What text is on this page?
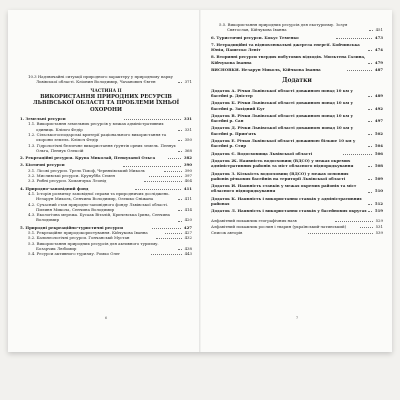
10.3 Надзвичайні ситуації природного характеру у природному парку Львівської області. Кліонин Володимир, Чачанович Євген	371
ЧАСТИНА II
ВИКОРИСТАННЯ ПРИРОДНИХ РЕСУРСІВ ЛЬВІВСЬКОЇ ОБЛАСТІ ТА ПРОБЛЕМИ ЇХНЬОЇ ОХОРОНИ
1. Земельні ресурси	331
1.1. Використання земельних ресурсів у межах адміністративних одиниць. Кліпоч Федір	331
1.2. Сільськогосподарські критерії раціонального використання та охорони земель. Кліпоч Федір	350
1.3. Гідрологічні безпечне використання ґрунтів орних земель. Пеняух Ольга, Пеняух Олексій	368
2. Рекреаційні ресурси. Крупа Миколай, Пеняуханої Ольга	382
3. Біотичні ресурси	390
3.1. Лісові ресурси. Трель Тімоф, Черняхівський Миколь	390
3.2. Мисливські ресурси. Крупубба Семен	397
3.3. Рибні ресурси. Хоманчука Леонід	404
4. Природно-заповідний фонд	411
4.1. Історія розвитку заповідної справи та природничих досліджень. Незарун Миколь, Сенчина Володимир, Олешко Сніжана	411
4.2. Сучасний стан природно-заповідного фонду Львівської області. Пилиня Микола, Сенчина Володимир	414
4.3. Екологічна мережа. Бусаак Віталій, Кричевська Ірина, Сенчина Володимир	420
5. Природні рекреаційно-туристичні ресурси	427
5.1. Рекреаційне природокористування. Кійчукова Іванна	427
5.2. Бальнеологічні ресурси. Гончанськй Мустан	432
5.3. Використання природних ресурсів для активного туризму. Бозарчик Любомир	438
5.4. Ресурси активного туризму. Ромко Олег	443
5.5. Використання природних ресурсів для екотуризму. Зозуя Святослав, Кійчукова Іванна	451
6. Туристичні ресурси. Бокус Теменко	473
7. Нетрадиційні та відновлювальні джерела енергії. Бойчивська Юнія, Пашеско Леніт	474
8. Вторинні ресурси твердих побутових відходів. Мильтена Галина, Кійчукова Іванна	479
ВИСНОВКИ. Незарун Миколь, Кійчкова Іванна	487
Додатки
Додаток А. Річки Львівської області довжиною понад 10 км у басейні р. Дністер	489
Додаток Б. Річки Львівської області довжиною понад 10 км у басейні р. Західний Буг	492
Додаток В. Річки Львівської області довжиною понад 10 км у басейні р. Сан	497
Додаток Д. Річки Львівської області довжиною понад 10 км у басейні р. Прип'ять	502
Додаток Е. Річки Львівської області довжиною більше 10 км у басейні р. Стир	504
Додаток Є. Водосховища Львівської області	506
Додаток Ж. Наявність водосховищ (ВДСО) у межах окремих адміністративних районів та міст обласного підпорядкування	508
Додаток З. Кількість водосховищ (ВДСО) у межах основних районів річкових басейнів на території Львівської області	509
Додаток И. Наявність ставків у межах окремих районів та міст обласного підпорядкування	510
Додаток К. Наявність і використання ставків у адміністративних районах	512
Додаток Л. Наявність і використання ставків у басейнових округах	519
Алфавітний покажчик географічних назв	529
Алфавітний покажчик рослин і тварин (український-латинський)	531
Список авторів	539
6	7
